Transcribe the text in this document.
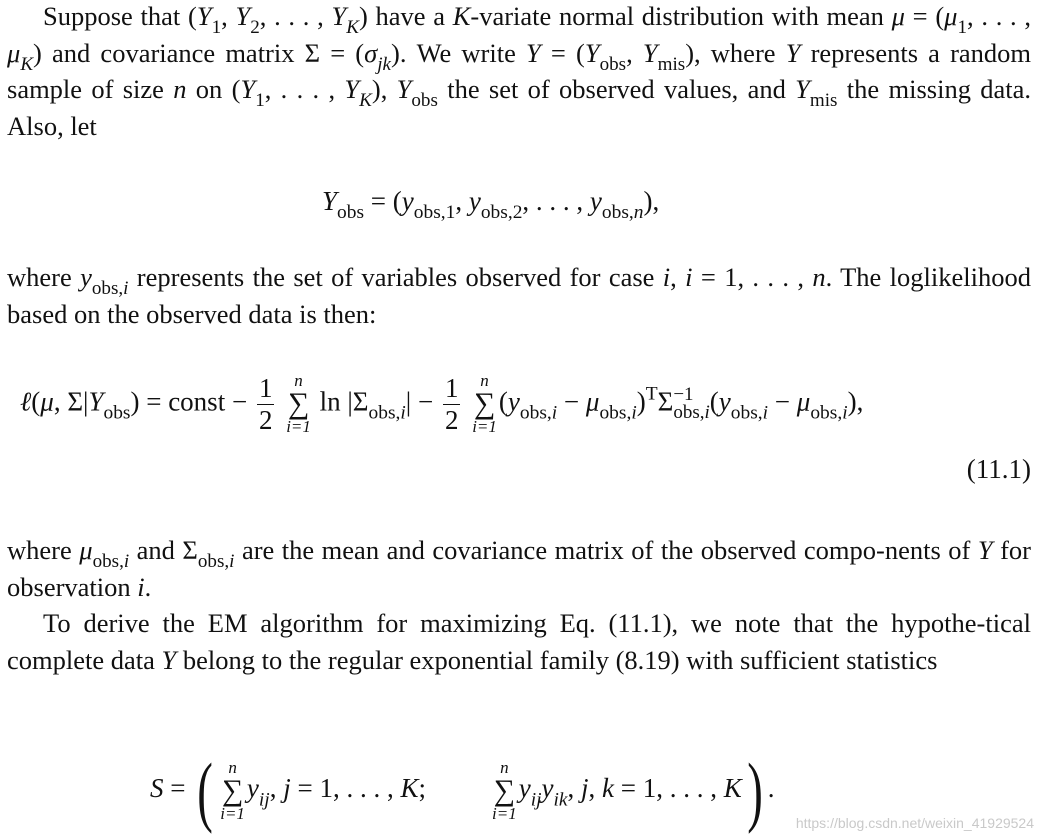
Suppose that ($Y_1$, $Y_2$, . . . , $Y_K$) have a K-variate normal distribution with mean $\mu = (\mu_1$, . . . , $\mu_K$) and covariance matrix $\Sigma = (\sigma_{jk})$. We write $Y = (Y_{obs}$, $Y_{mis}$), where Y represents a random sample of size n on ($Y_1$, . . . , $Y_K$), $Y_{obs}$ the set of observed values, and $Y_{mis}$ the missing data. Also, let

$Y_{obs} = (y_{obs,1}$, $y_{obs,2}$, . . . , $y_{obs,n}$),

where $y_{obs,i}$ represents the set of variables observed for case i, i = 1, . . . , n. The loglikelihood based on the observed data is then:

ℓ(μ, $\Sigma|Y_{obs}$) = const − $\frac{1}{2}$
	n
∑
i=1
$\ln |\Sigma_{obs,i}| - \frac{1}{2}$
	n
∑
i=1
$(y_{obs,i} - \mu_{obs,i})^T\Sigma -1$
obs,i $(y_{obs,i} - \mu_{obs,i})$,
(11.1)

where $\mu_{obs,i}$ and $\Sigma_{obs,i}$ are the mean and covariance matrix of the observed compo-nents of Y for observation i.

To derive the EM algorithm for maximizing Eq. (11.1), we note that the hypothe-tical complete data Y belong to the regular exponential family (8.19) with sufficient statistics

S = ( n
∑
i=1
$y_{ij}$, j = 1, . . . , K;
n
∑
i=1
$y_{ij}y_{ik}$, j, k = 1, . . . , K) .
https://blog.csdn.net/weixin_41929524
